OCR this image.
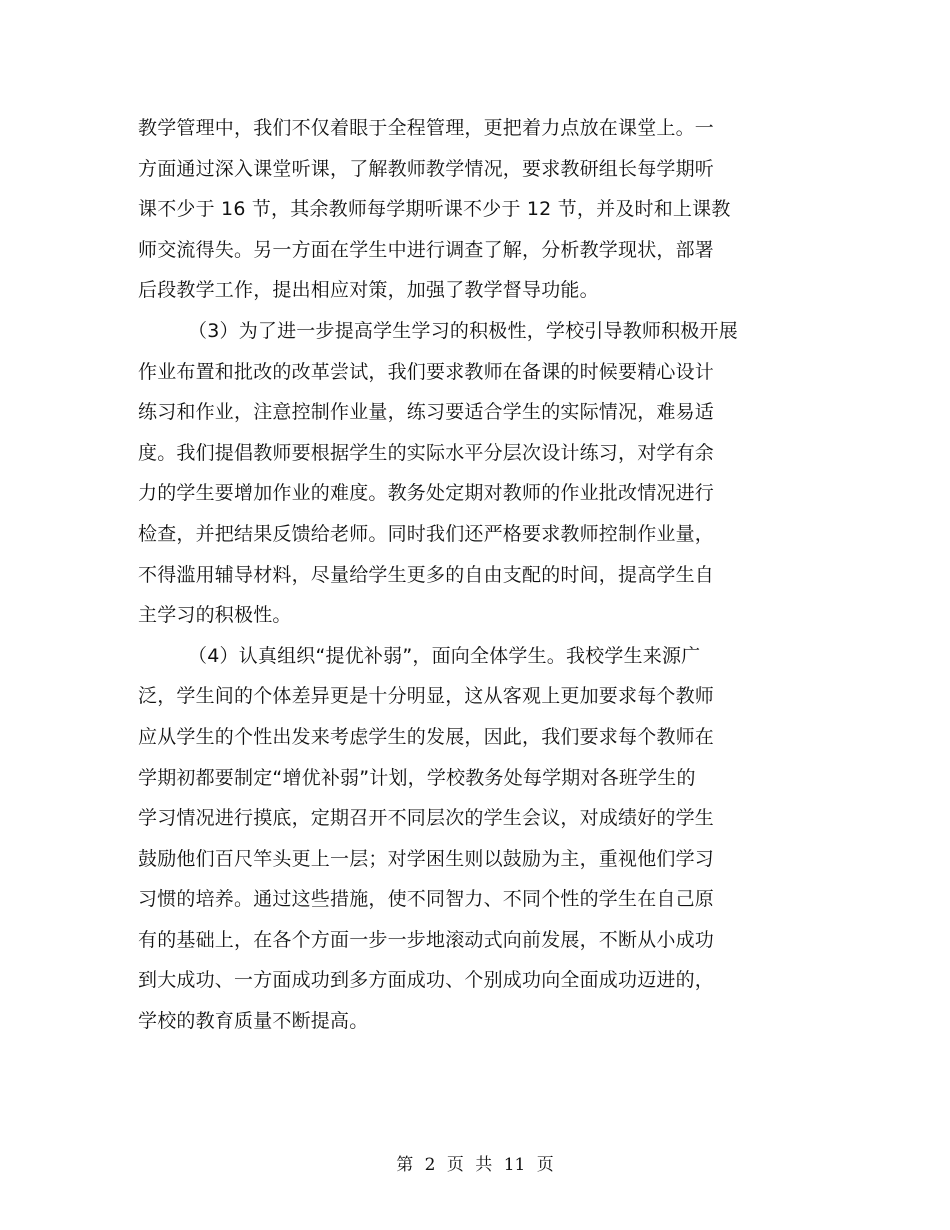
教学管理中，我们不仅着眼于全程管理，更把着力点放在课堂上。一
方面通过深入课堂听课，了解教师教学情况，要求教研组长每学期听
课不少于 16 节，其余教师每学期听课不少于 12 节，并及时和上课教
师交流得失。另一方面在学生中进行调查了解，分析教学现状，部署
后段教学工作，提出相应对策，加强了教学督导功能。
（3）为了进一步提高学生学习的积极性，学校引导教师积极开展
作业布置和批改的改革尝试，我们要求教师在备课的时候要精心设计
练习和作业，注意控制作业量，练习要适合学生的实际情况，难易适
度。我们提倡教师要根据学生的实际水平分层次设计练习，对学有余
力的学生要增加作业的难度。教务处定期对教师的作业批改情况进行
检查，并把结果反馈给老师。同时我们还严格要求教师控制作业量，
不得滥用辅导材料，尽量给学生更多的自由支配的时间，提高学生自
主学习的积极性。
（4）认真组织“提优补弱”，面向全体学生。我校学生来源广
泛，学生间的个体差异更是十分明显，这从客观上更加要求每个教师
应从学生的个性出发来考虑学生的发展，因此，我们要求每个教师在
学期初都要制定“增优补弱”计划，学校教务处每学期对各班学生的
学习情况进行摸底，定期召开不同层次的学生会议，对成绩好的学生
鼓励他们百尺竿头更上一层；对学困生则以鼓励为主，重视他们学习
习惯的培养。通过这些措施，使不同智力、不同个性的学生在自己原
有的基础上，在各个方面一步一步地滚动式向前发展，不断从小成功
到大成功、一方面成功到多方面成功、个别成功向全面成功迈进的，
学校的教育质量不断提高。
第 2 页 共 11 页
